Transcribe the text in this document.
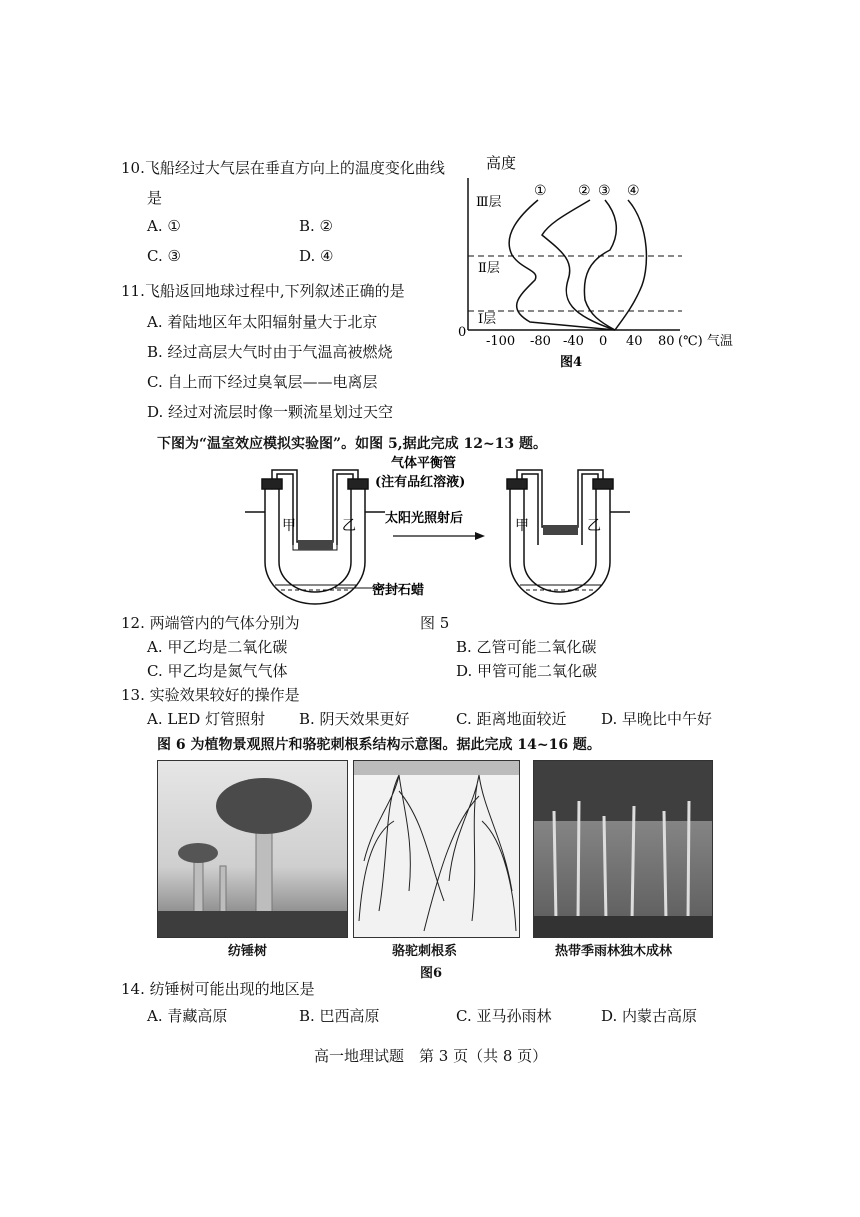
10.飞船经过大气层在垂直方向上的温度变化曲线
是
A. ①	B. ②
C. ③	D. ④
高度
Ⅲ层
Ⅱ层
Ⅰ层
① ② ③ ④
0
-100 -80 -40 0 40 80 (℃) 气温
图4
11.飞船返回地球过程中,下列叙述正确的是
A. 着陆地区年太阳辐射量大于北京
B. 经过高层大气时由于气温高被燃烧
C. 自上而下经过臭氧层——电离层
D. 经过对流层时像一颗流星划过天空
下图为“温室效应模拟实验图”。如图 5,据此完成 12~13 题。
甲	乙
密封石蜡
气体平衡管
(注有品红溶液)
太阳光照射后	甲	乙
12. 两端管内的气体分别为	图 5
A. 甲乙均是二氧化碳	B. 乙管可能二氧化碳
C. 甲乙均是氮气气体	D. 甲管可能二氧化碳
13. 实验效果较好的操作是
A. LED 灯管照射 B. 阴天效果更好	C. 距离地面较近 D. 早晚比中午好
图 6 为植物景观照片和骆驼刺根系结构示意图。据此完成 14~16 题。
纺锤树	骆驼刺根系	热带季雨林独木成林
图6
14. 纺锤树可能出现的地区是
A. 青藏高原	B. 巴西高原	C. 亚马孙雨林	D. 内蒙古高原
高一地理试题　第 3 页（共 8 页）
